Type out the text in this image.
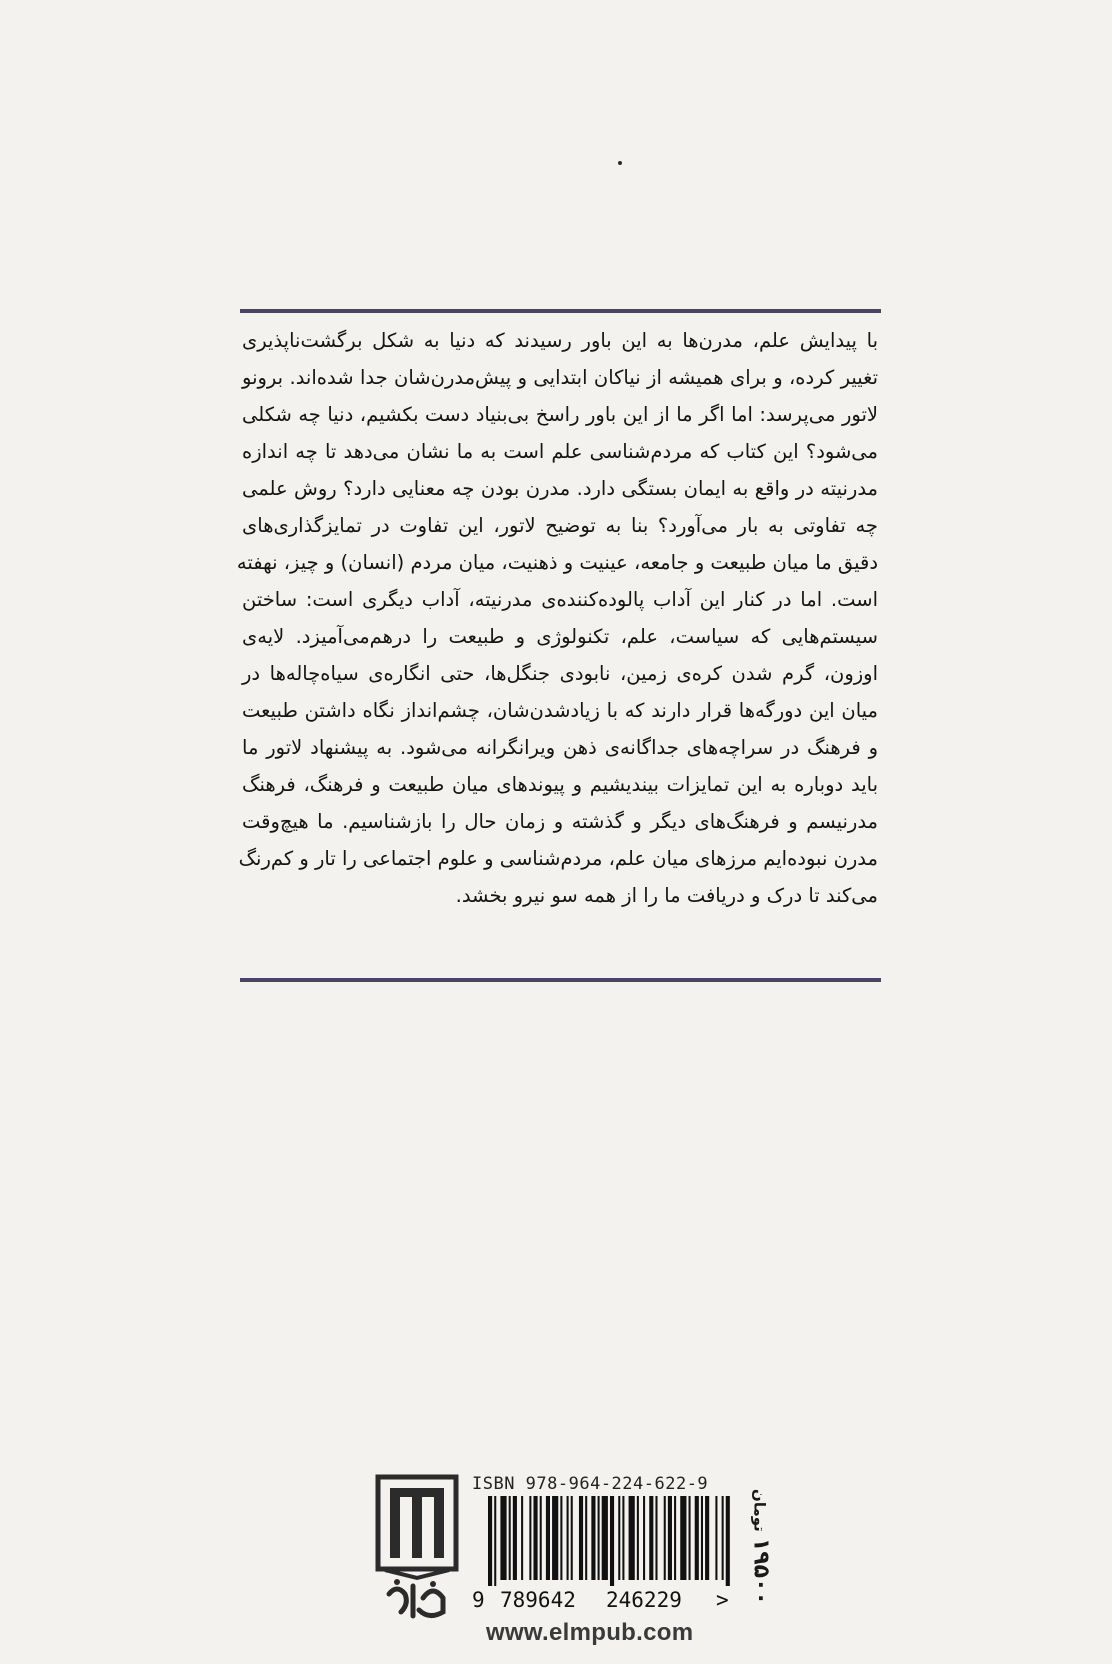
با پیدایش علم، مدرن‌ها به این باور رسیدند که دنیا به شکل برگشت‌ناپذیری
تغییر کرده، و برای همیشه از نیاکان ابتدایی و پیش‌مدرن‌شان جدا شده‌اند. برونو
لاتور می‌پرسد: اما اگر ما از این باور راسخ بی‌بنیاد دست بکشیم، دنیا چه شکلی
می‌شود؟ این کتاب که مردم‌شناسی علم است به ما نشان می‌دهد تا چه اندازه
مدرنیته در واقع به ایمان بستگی دارد. مدرن بودن چه معنایی دارد؟ روش علمی
چه تفاوتی به بار می‌آورد؟ بنا به توضیح لاتور، این تفاوت در تمایزگذاری‌های
دقیق ما میان طبیعت و جامعه، عینیت و ذهنیت، میان مردم (انسان) و چیز، نهفته
است. اما در کنار این آداب پالوده‌کننده‌ی مدرنیته، آداب دیگری است: ساختن
سیستم‌هایی که سیاست، علم، تکنولوژی و طبیعت را درهم‌می‌آمیزد. لایه‌ی
اوزون، گرم شدن کره‌ی زمین، نابودی جنگل‌ها، حتی انگاره‌ی سیاه‌چاله‌ها در
میان این دورگه‌ها قرار دارند که با زیادشدن‌شان، چشم‌انداز نگاه داشتن طبیعت
و فرهنگ در سراچه‌های جداگانه‌ی ذهن ویرانگرانه می‌شود. به پیشنهاد لاتور ما
باید دوباره به این تمایزات بیندیشیم و پیوندهای میان طبیعت و فرهنگ، فرهنگ
مدرنیسم و فرهنگ‌های دیگر و گذشته و زمان حال را بازشناسیم. ما هیچ‌وقت
مدرن نبوده‌ایم مرزهای میان علم، مردم‌شناسی و علوم اجتماعی را تار و کم‌رنگ
می‌کند تا درک و دریافت ما را از همه سو نیرو بخشد.
ISBN 978-964-224-622-9
9 789642 246229 >
www.elmpub.com
۱۹۵۰۰تومان
